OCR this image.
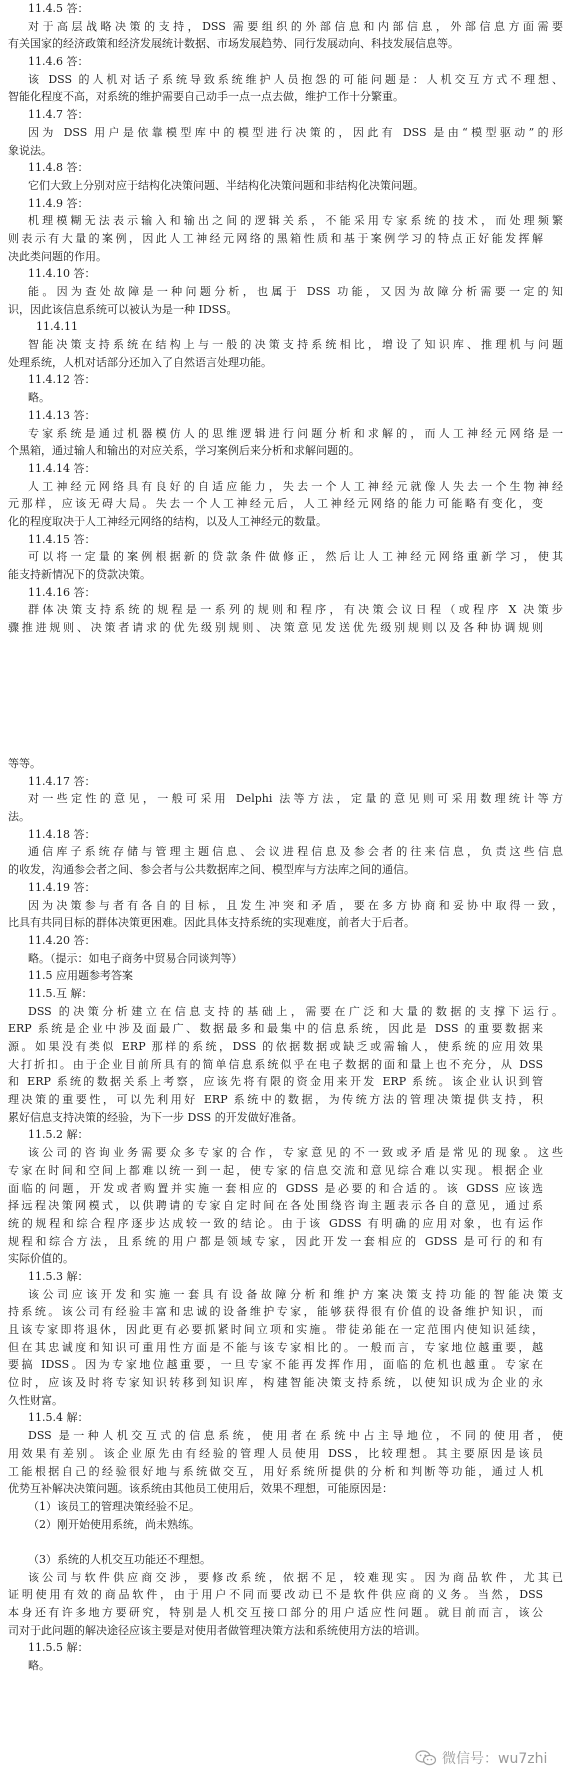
11.4.5 答：
对于高层战略决策的支持，DSS 需要组织的外部信息和内部信息，外部信息方面需要
有关国家的经济政策和经济发展统计数据、市场发展趋势、同行发展动向、科技发展信息等。
11.4.6 答：
该 DSS 的人机对话子系统导致系统维护人员抱怨的可能问题是：人机交互方式不理想、
智能化程度不高，对系统的维护需要自己动手一点一点去做，维护工作十分繁重。
11.4.7 答：
因为 DSS 用户是依靠模型库中的模型进行决策的，因此有 DSS 是由“模型驱动”的形
象说法。
11.4.8 答：
它们大致上分别对应于结构化决策问题、半结构化决策问题和非结构化决策问题。
11.4.9 答：
机理模糊无法表示输入和输出之间的逻辑关系，不能采用专家系统的技术，而处理频繁
则表示有大量的案例，因此人工神经元网络的黑箱性质和基于案例学习的特点正好能发挥解
决此类问题的作用。
11.4.10 答：
能。因为查处故障是一种问题分析，也属于 DSS 功能，又因为故障分析需要一定的知
识，因此该信息系统可以被认为是一种 IDSS。
11.4.11
智能决策支持系统在结构上与一般的决策支持系统相比，增设了知识库、推理机与问题
处理系统，人机对话部分还加入了自然语言处理功能。
11.4.12 答：
略。
11.4.13 答：
专家系统是通过机器模仿人的思维逻辑进行问题分析和求解的，而人工神经元网络是一
个黑箱，通过输人和输出的对应关系，学习案例后来分析和求解问题的。
11.4.14 答：
人工神经元网络具有良好的自适应能力，失去一个人工神经元就像人失去一个生物神经
元那样，应该无碍大局。失去一个人工神经元后，人工神经元网络的能力可能略有变化，变
化的程度取决于人工神经元网络的结构，以及人工神经元的数量。
11.4.15 答：
可以将一定量的案例根据新的贷款条件做修正，然后让人工神经元网络重新学习，使其
能支持新情况下的贷款决策。
11.4.16 答：
群体决策支持系统的规程是一系列的规则和程序，有决策会议日程（或程序 X 决策步
骤推进规则、决策者请求的优先级别规则、决策意见发送优先级别规则以及各种协调规则
等等。
11.4.17 答：
对一些定性的意见，一般可采用 Delphi 法等方法，定量的意见则可采用数理统计等方
法。
11.4.18 答：
通信库子系统存储与管理主题信息、会议进程信息及参会者的往来信息，负责这些信息
的收发，沟通参会者之间、参会者与公共数据库之间、模型库与方法库之间的通信。
11.4.19 答：
因为决策参与者有各自的目标，且发生冲突和矛盾，要在多方协商和妥协中取得一致，
比具有共同目标的群体决策更困难。因此具体支持系统的实现难度，前者大于后者。
11.4.20 答：
略。（提示：如电子商务中贸易合同谈判等）
11.5 应用题参考答案
11.5.互 解：
DSS 的决策分析建立在信息支持的基础上，需要在广泛和大量的数据的支撑下运行。
ERP 系统是企业中涉及面最广、数据最多和最集中的信息系统，因此是 DSS 的重要数据来
源。如果没有类似 ERP 那样的系统，DSS 的依据数据或缺乏或需输人，使系统的应用效果
大打折扣。由于企业目前所具有的简单信息系统似乎在电子数据的面和量上也不充分，从 DSS
和 ERP 系统的数据关系上考察，应该先将有限的资金用来开发 ERP 系统。该企业认识到管
理决策的重要性，可以先利用好 ERP 系统中的数据，为传统方法的管理决策提供支持，积
累好信息支持决策的经验，为下一步 DSS 的开发做好准备。
11.5.2 解：
该公司的咨询业务需要众多专家的合作，专家意见的不一致或矛盾是常见的现象。这些
专家在时间和空间上都难以统一到一起，使专家的信息交流和意见综合难以实现。根据企业
面临的问题，开发或者购置并实施一套相应的 GDSS 是必要的和合适的。该 GDSS 应该选
择远程决策网模式，以供聘请的专家自定时间在各处围绕咨询主题表示各自的意见，通过系
统的规程和综合程序逐步达成较一致的结论。由于该 GDSS 有明确的应用对象，也有运作
规程和综合方法，且系统的用户都是领域专家，因此开发一套相应的 GDSS 是可行的和有
实际价值的。
11.5.3 解：
该公司应该开发和实施一套具有设备故障分析和维护方案决策支持功能的智能决策支
持系统。该公司有经验丰富和忠诚的设备维护专家，能够获得很有价值的设备维护知识，而
且该专家即将退休，因此更有必要抓紧时间立项和实施。带徒弟能在一定范围内使知识延续，
但在其忠诚度和知识可重用性方面是不能与该专家相比的。一般而言，专家地位越重要，越
要搞 IDSS。因为专家地位越重要，一旦专家不能再发挥作用，面临的危机也越重。专家在
位时，应该及时将专家知识转移到知识库，构建智能决策支持系统，以使知识成为企业的永
久性财富。
11.5.4 解：
DSS 是一种人机交互式的信息系统，使用者在系统中占主导地位，不同的使用者，使
用效果有差别。该企业原先由有经验的管理人员使用 DSS，比较理想。其主要原因是该员
工能根据自己的经验很好地与系统做交互，用好系统所提供的分析和判断等功能，通过人机
优势互补解决决策问题。该系统由其他员工使用后，效果不理想，可能原因是：
（1）该员工的管理决策经验不足。
（2）刚开始使用系统，尚未熟练。
（3）系统的人机交互功能还不理想。
该公司与软件供应商交涉，要修改系统，依据不足，较难现实。因为商品软件，尤其已
证明使用有效的商品软件，由于用户不同而要改动已不是软件供应商的义务。当然，DSS
本身还有许多地方要研究，特别是人机交互接口部分的用户适应性问题。就目前而言，该公
司对于此问题的解决途径应该主要是对使用者做管理决策方法和系统使用方法的培训。
11.5.5 解：
略。
微信号：wu7zhi
